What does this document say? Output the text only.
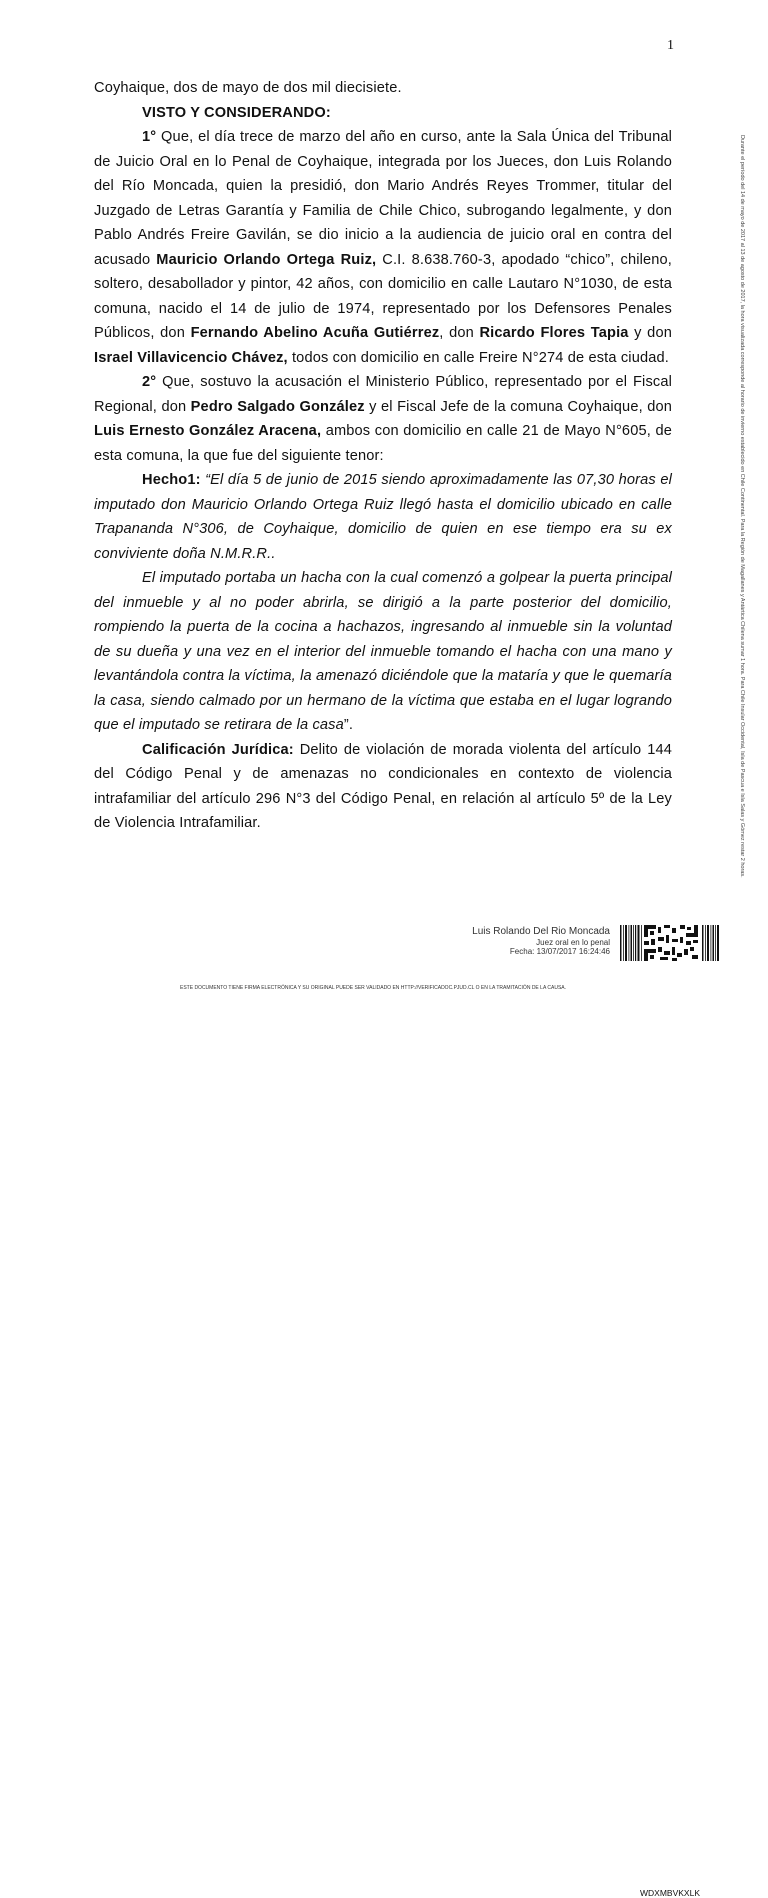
1

Coyhaique, dos de mayo de dos mil diecisiete.

VISTO Y CONSIDERANDO:

1° Que, el día trece de marzo del año en curso, ante la Sala Única del Tribunal de Juicio Oral en lo Penal de Coyhaique, integrada por los Jueces, don Luis Rolando del Río Moncada, quien la presidió, don Mario Andrés Reyes Trommer, titular del Juzgado de Letras Garantía y Familia de Chile Chico, subrogando legalmente, y don Pablo Andrés Freire Gavilán, se dio inicio a la audiencia de juicio oral en contra del acusado Mauricio Orlando Ortega Ruiz, C.I. 8.638.760-3, apodado “chico”, chileno, soltero, desabollador y pintor, 42 años, con domicilio en calle Lautaro N°1030, de esta comuna, nacido el 14 de julio de 1974, representado por los Defensores Penales Públicos, don Fernando Abelino Acuña Gutiérrez, don Ricardo Flores Tapia y don Israel Villavicencio Chávez, todos con domicilio en calle Freire N°274 de esta ciudad.

2° Que, sostuvo la acusación el Ministerio Público, representado por el Fiscal Regional, don Pedro Salgado González y el Fiscal Jefe de la comuna Coyhaique, don Luis Ernesto González Aracena, ambos con domicilio en calle 21 de Mayo N°605, de esta comuna, la que fue del siguiente tenor:

Hecho1: “El día 5 de junio de 2015 siendo aproximadamente las 07,30 horas el imputado don Mauricio Orlando Ortega Ruiz llegó hasta el domicilio ubicado en calle Trapananda N°306, de Coyhaique, domicilio de quien en ese tiempo era su ex conviviente doña N.M.R.R..

El imputado portaba un hacha con la cual comenzó a golpear la puerta principal del inmueble y al no poder abrirla, se dirigió a la parte posterior del domicilio, rompiendo la puerta de la cocina a hachazos, ingresando al inmueble sin la voluntad de su dueña y una vez en el interior del inmueble tomando el hacha con una mano y levantándola contra la víctima, la amenazó diciéndole que la mataría y que le quemaría la casa, siendo calmado por un hermano de la víctima que estaba en el lugar logrando que el imputado se retirara de la casa”.

Calificación Jurídica: Delito de violación de morada violenta del artículo 144 del Código Penal y de amenazas no condicionales en contexto de violencia intrafamiliar del artículo 296 N°3 del Código Penal, en relación al artículo 5º de la Ley de Violencia Intrafamiliar.	Durante el período del 14 de mayo de 2017 al 13 de agosto de 2017, la hora visualizada corresponde al horario de invierno establecido en Chile Continental. Para la Región de Magallanes y Antártica Chilena sumar 1 hora. Para Chile Insular Occidental, Isla de Pascua e Isla Salas y Gómez restar 2 horas.
Luis Rolando Del Rio Moncada
Juez oral en lo penal
Fecha: 13/07/2017 16:24:46
WDXMBVKXLK
ESTE DOCUMENTO TIENE FIRMA ELECTRÓNICA Y SU ORIGINAL PUEDE SER VALIDADO EN HTTP://VERIFICADOC.PJUD.CL O EN LA TRAMITACIÓN DE LA CAUSA.
